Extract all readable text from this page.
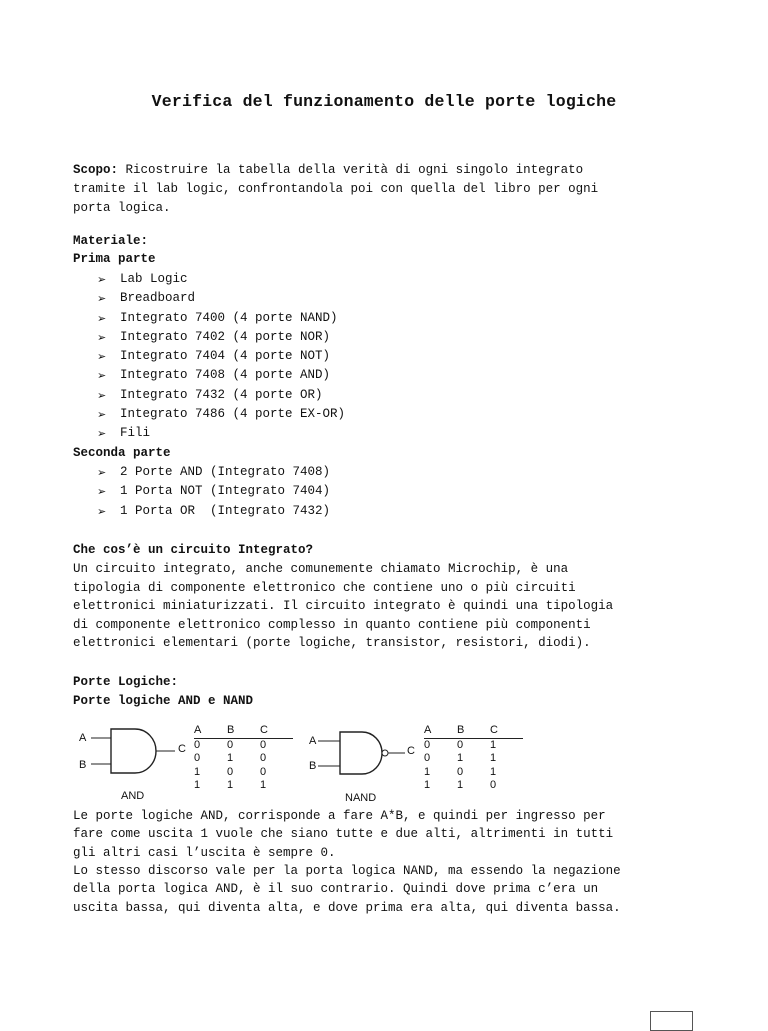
Verifica del funzionamento delle porte logiche
Scopo: Ricostruire la tabella della verità di ogni singolo integrato
tramite il lab logic, confrontandola poi con quella del libro per ogni
porta logica.
Materiale:
Prima parte
➢	Lab Logic
➢	Breadboard
➢	Integrato 7400 (4 porte NAND)
➢	Integrato 7402 (4 porte NOR)
➢	Integrato 7404 (4 porte NOT)
➢	Integrato 7408 (4 porte AND)
➢	Integrato 7432 (4 porte OR)
➢	Integrato 7486 (4 porte EX-OR)
➢	Fili
Seconda parte
➢	2 Porte AND (Integrato 7408)
➢	1 Porta NOT (Integrato 7404)
➢	1 Porta OR  (Integrato 7432)
Che cos’è un circuito Integrato?
Un circuito integrato, anche comunemente chiamato Microchip, è una
tipologia di componente elettronico che contiene uno o più circuiti
elettronici miniaturizzati. Il circuito integrato è quindi una tipologia
di componente elettronico complesso in quanto contiene più componenti
elettronici elementari (porte logiche, transistor, resistori, diodi).
Porte Logiche:
Porte logiche AND e NAND
A
B
C
AND
A	B	C
0	0	0
0	1	0
1	0	0
1	1	1
A
B
C
NAND
A	B	C
0	0	1
0	1	1
1	0	1
1	1	0
Le porte logiche AND, corrisponde a fare A*B, e quindi per ingresso per
fare come uscita 1 vuole che siano tutte e due alti, altrimenti in tutti
gli altri casi l’uscita è sempre 0.
Lo stesso discorso vale per la porta logica NAND, ma essendo la negazione
della porta logica AND, è il suo contrario. Quindi dove prima c’era un
uscita bassa, qui diventa alta, e dove prima era alta, qui diventa bassa.
